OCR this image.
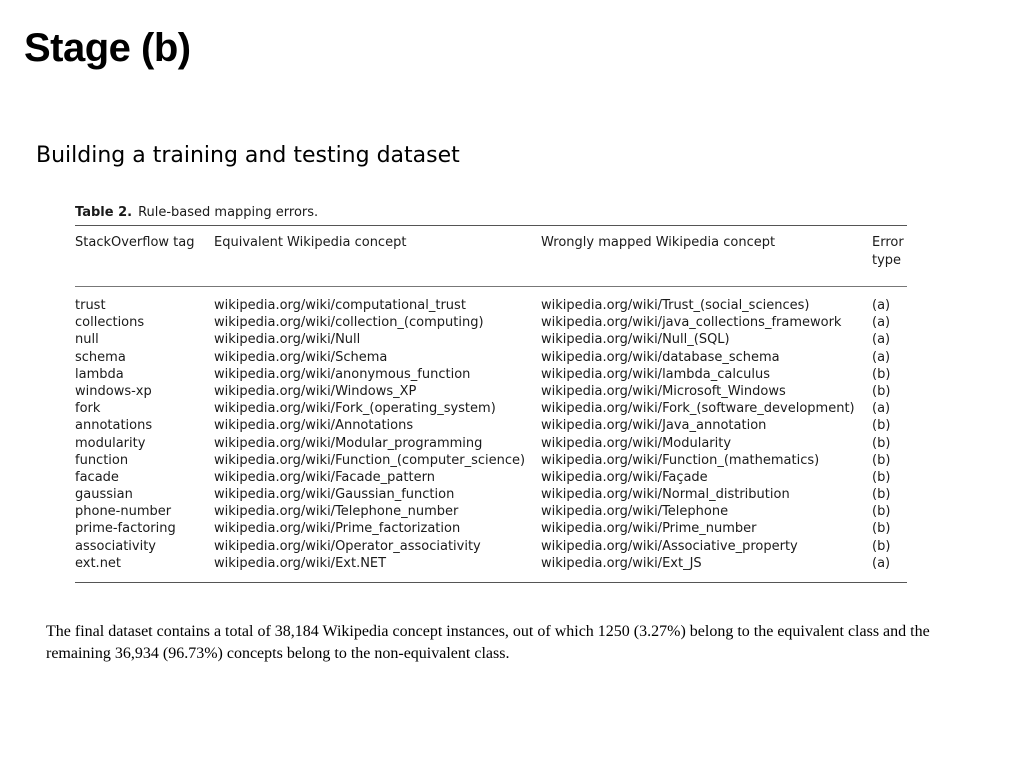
Stage (b)
Building a training and testing dataset
Table 2. Rule-based mapping errors.
StackOverflow tag	Equivalent Wikipedia concept	Wrongly mapped Wikipedia concept	Error type
trust	wikipedia.org/wiki/computational_trust	wikipedia.org/wiki/Trust_(social_sciences)	(a)
collections	wikipedia.org/wiki/collection_(computing)	wikipedia.org/wiki/java_collections_framework	(a)
null	wikipedia.org/wiki/Null	wikipedia.org/wiki/Null_(SQL)	(a)
schema	wikipedia.org/wiki/Schema	wikipedia.org/wiki/database_schema	(a)
lambda	wikipedia.org/wiki/anonymous_function	wikipedia.org/wiki/lambda_calculus	(b)
windows-xp	wikipedia.org/wiki/Windows_XP	wikipedia.org/wiki/Microsoft_Windows	(b)
fork	wikipedia.org/wiki/Fork_(operating_system)	wikipedia.org/wiki/Fork_(software_development)	(a)
annotations	wikipedia.org/wiki/Annotations	wikipedia.org/wiki/Java_annotation	(b)
modularity	wikipedia.org/wiki/Modular_programming	wikipedia.org/wiki/Modularity	(b)
function	wikipedia.org/wiki/Function_(computer_science)	wikipedia.org/wiki/Function_(mathematics)	(b)
facade	wikipedia.org/wiki/Facade_pattern	wikipedia.org/wiki/Façade	(b)
gaussian	wikipedia.org/wiki/Gaussian_function	wikipedia.org/wiki/Normal_distribution	(b)
phone-number	wikipedia.org/wiki/Telephone_number	wikipedia.org/wiki/Telephone	(b)
prime-factoring	wikipedia.org/wiki/Prime_factorization	wikipedia.org/wiki/Prime_number	(b)
associativity	wikipedia.org/wiki/Operator_associativity	wikipedia.org/wiki/Associative_property	(b)
ext.net	wikipedia.org/wiki/Ext.NET	wikipedia.org/wiki/Ext_JS	(a)
The final dataset contains a total of 38,184 Wikipedia concept instances, out of which 1250 (3.27%) belong to the equivalent class and the remaining 36,934 (96.73%) concepts belong to the non-equivalent class.
